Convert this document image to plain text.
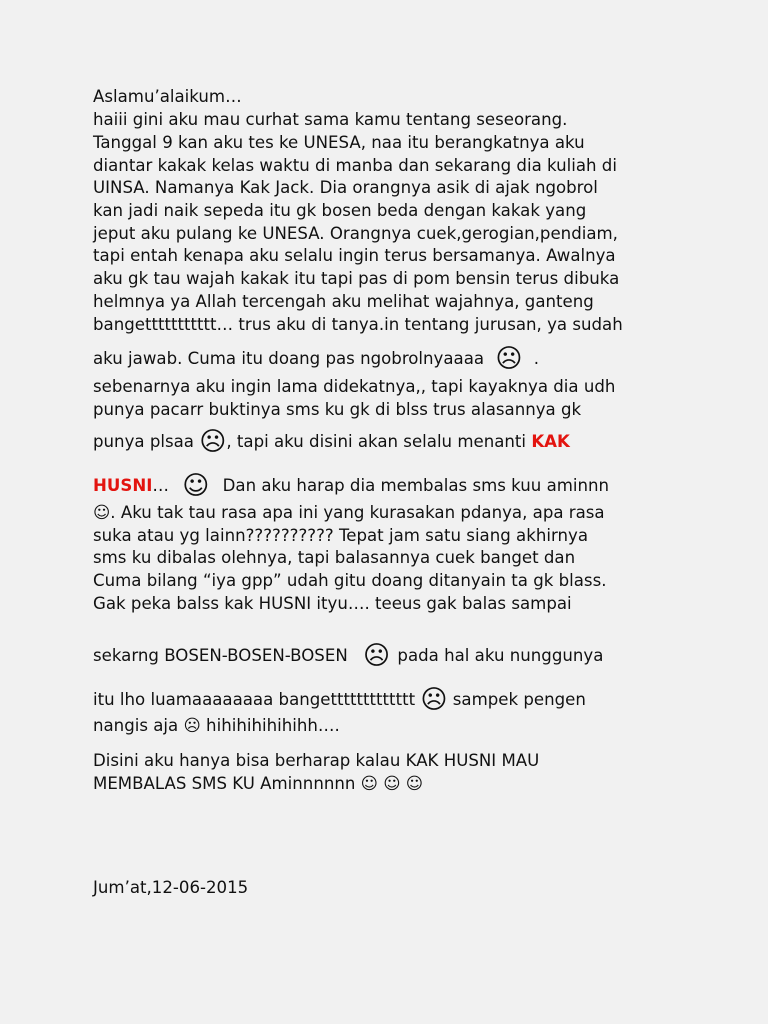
Aslamu’alaikum…
haiii gini aku mau curhat sama kamu tentang seseorang.
Tanggal 9 kan aku tes ke UNESA, naa itu berangkatnya aku
diantar kakak kelas waktu di manba dan sekarang dia kuliah di
UINSA. Namanya Kak Jack. Dia orangnya asik di ajak ngobrol
kan jadi naik sepeda itu gk bosen beda dengan kakak yang
jeput aku pulang ke UNESA. Orangnya cuek,gerogian,pendiam,
tapi entah kenapa aku selalu ingin terus bersamanya. Awalnya
aku gk tau wajah kakak itu tapi pas di pom bensin terus dibuka
helmnya ya Allah tercengah aku melihat wajahnya, ganteng
bangettttttttttt… trus aku di tanya.in tentang jurusan, ya sudah
aku jawab. Cuma itu doang pas ngobrolnyaaaa ☹ .
sebenarnya aku ingin lama didekatnya,, tapi kayaknya dia udh
punya pacarr buktinya sms ku gk di blss trus alasannya gk
punya plsaa ☹, tapi aku disini akan selalu menanti KAK
HUSNI… ☺ Dan aku harap dia membalas sms kuu aminnn
☺. Aku tak tau rasa apa ini yang kurasakan pdanya, apa rasa
suka atau yg lainn?????????? Tepat jam satu siang akhirnya
sms ku dibalas olehnya, tapi balasannya cuek banget dan
Cuma bilang “iya gpp” udah gitu doang ditanyain ta gk blass.
Gak peka balss kak HUSNI ityu…. teeus gak balas sampai
sekarng BOSEN-BOSEN-BOSEN ☹ pada hal aku nunggunya
itu lho luamaaaaaaaa bangettttttttttttt ☹ sampek pengen
nangis aja ☹ hihihihihihihh….
Disini aku hanya bisa berharap kalau KAK HUSNI MAU
MEMBALAS SMS KU Aminnnnnn ☺ ☺ ☺
Jum’at,12-06-2015
